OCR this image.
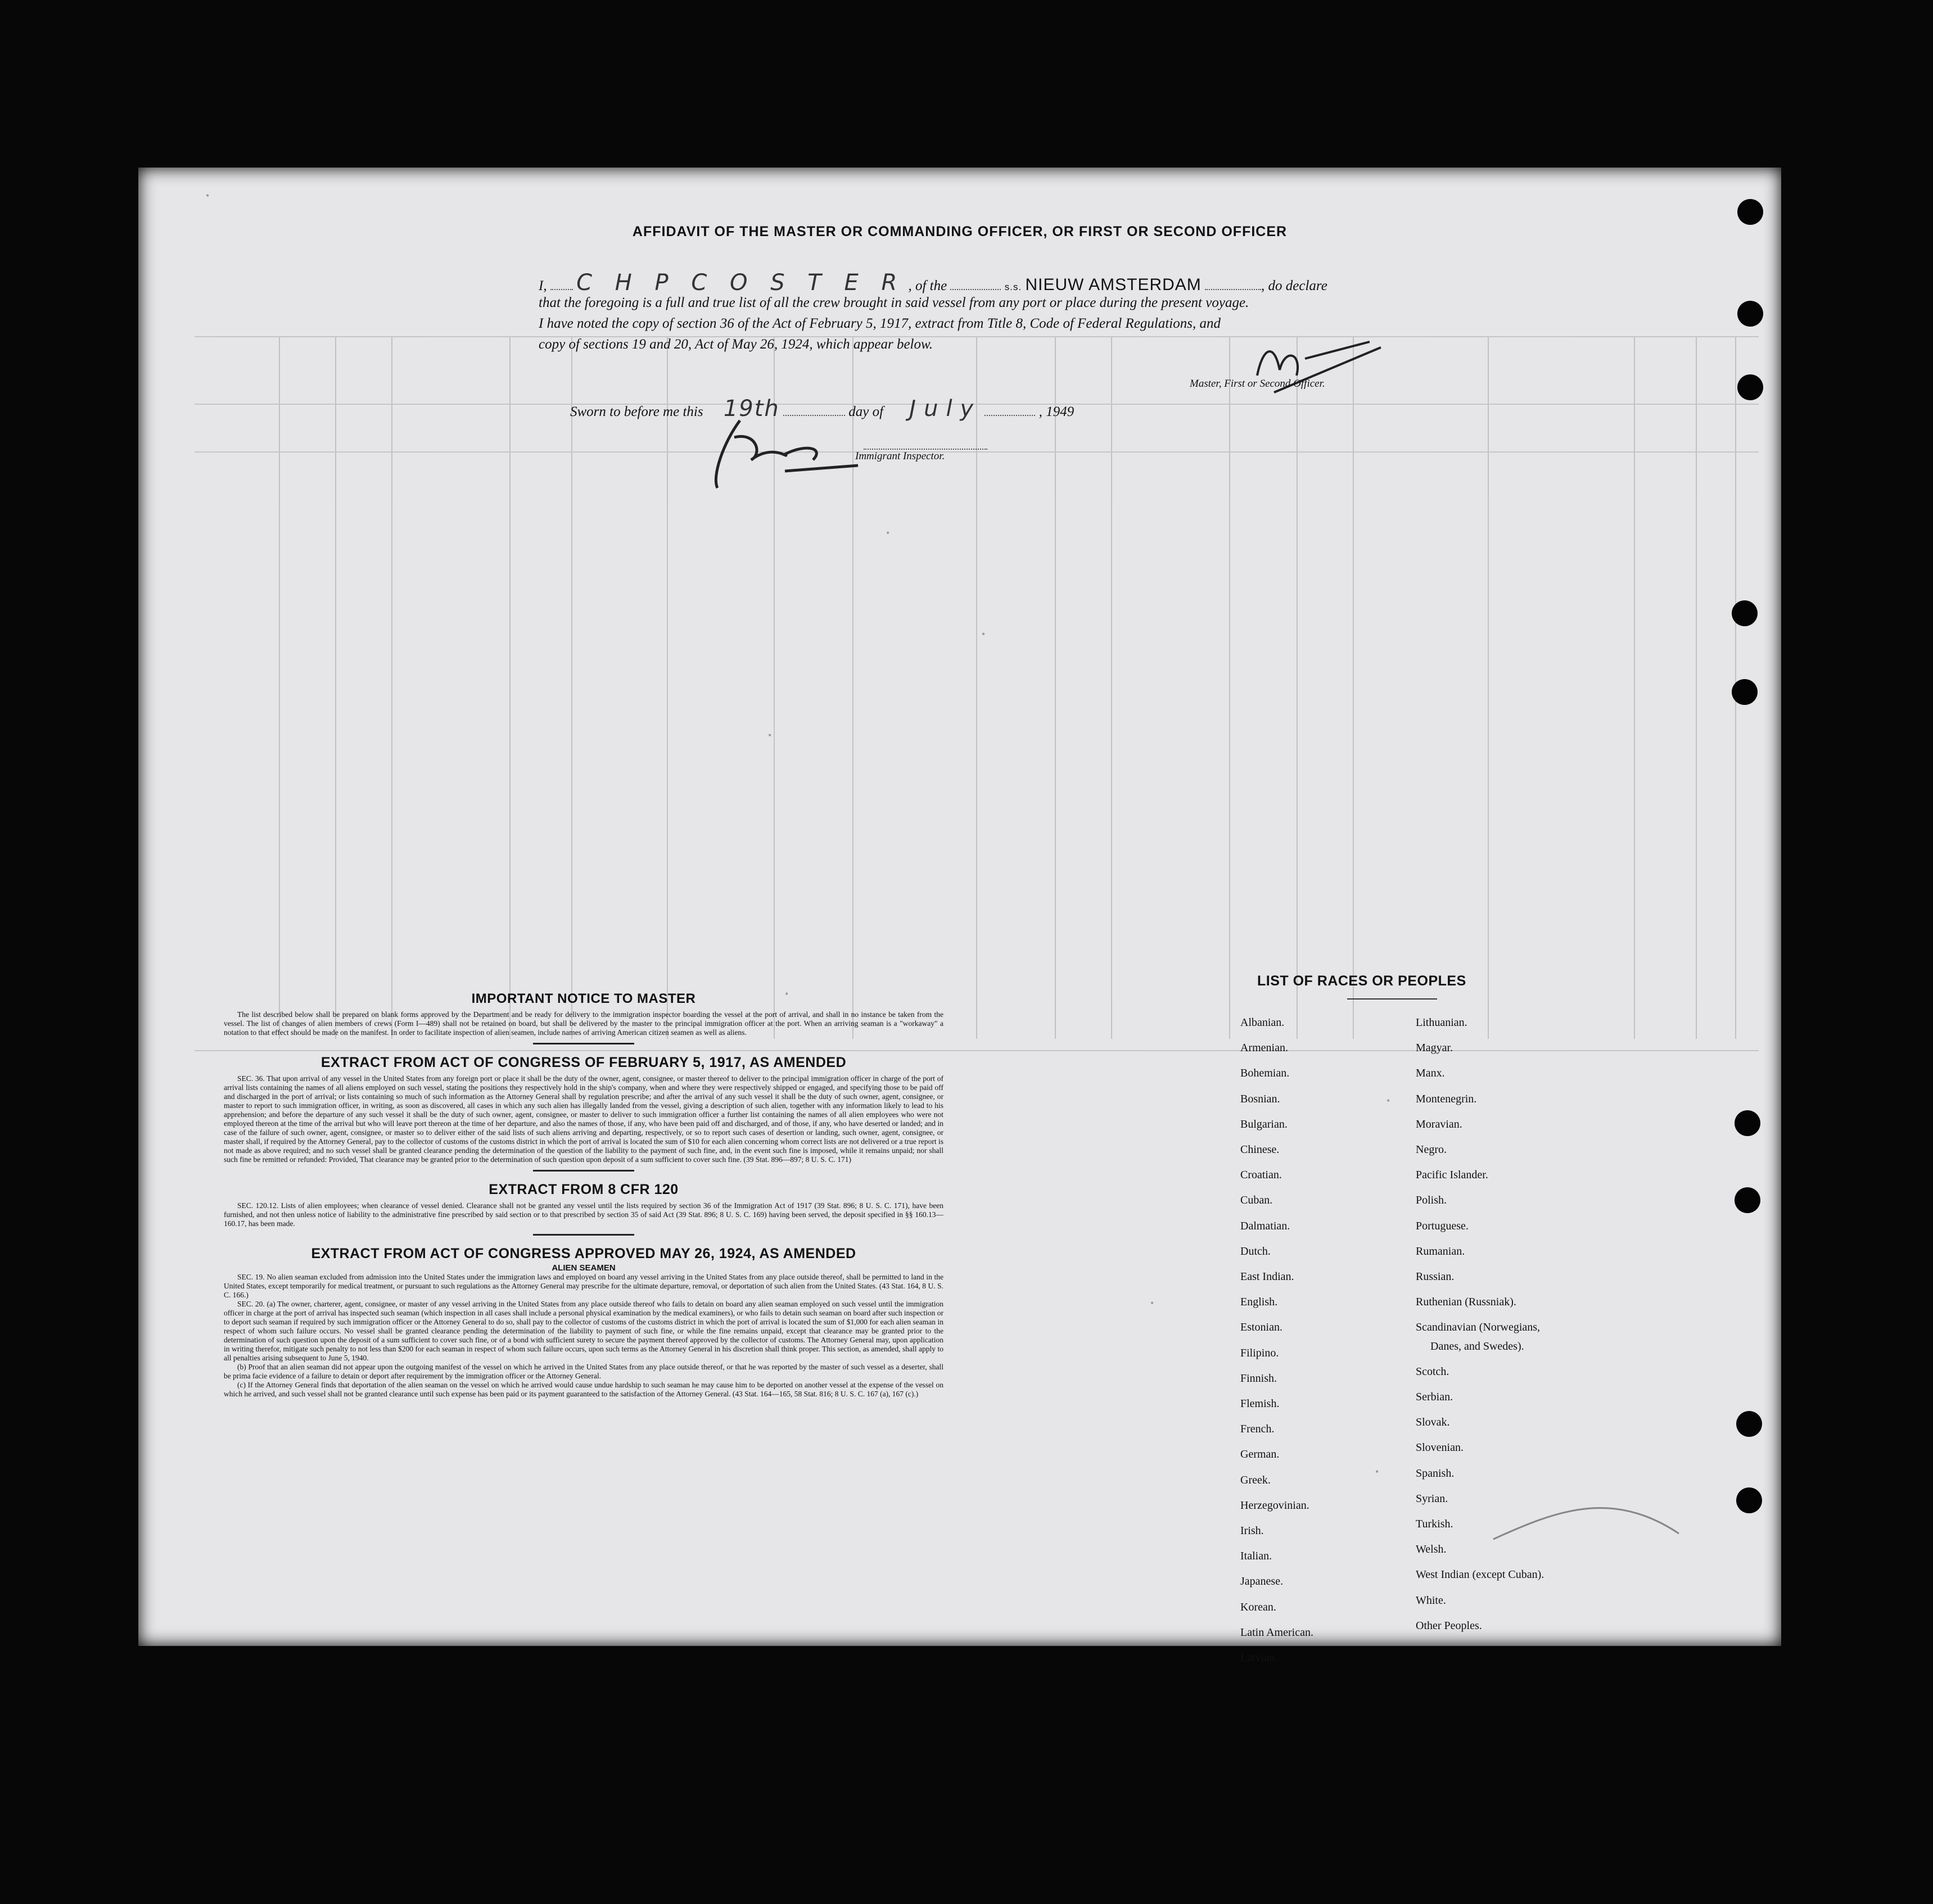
•
•
•
•
•
•
•
•
AFFIDAVIT OF THE MASTER OR COMMANDING OFFICER, OR FIRST OR SECOND OFFICER
I, C H P C O S T E R , of the	s.s. NIEUW AMSTERDAM	, do declare
that the foregoing is a full and true list of all the crew brought in said vessel from any port or place during the present voyage.
I have noted the copy of section 36 of the Act of February 5, 1917, extract from Title 8, Code of Federal Regulations, and
copy of sections 19 and 20, Act of May 26, 1924, which appear below.
Master, First or Second Officer.
Sworn to before me this 19th	day of July	, 1949
Immigrant Inspector.
IMPORTANT NOTICE TO MASTER

The list described below shall be prepared on blank forms approved by the Department and be ready for delivery to the immigration inspector boarding the vessel at the port of arrival, and shall in no instance be taken from the vessel. The list of changes of alien members of crews (Form I—489) shall not be retained on board, but shall be delivered by the master to the principal immigration officer at the port. When an arriving seaman is a "workaway" a notation to that effect should be made on the manifest. In order to facilitate inspection of alien seamen, include names of arriving American citizen seamen as well as aliens.

EXTRACT FROM ACT OF CONGRESS OF FEBRUARY 5, 1917, AS AMENDED

SEC. 36. That upon arrival of any vessel in the United States from any foreign port or place it shall be the duty of the owner, agent, consignee, or master thereof to deliver to the principal immigration officer in charge of the port of arrival lists containing the names of all aliens employed on such vessel, stating the positions they respectively hold in the ship's company, when and where they were respectively shipped or engaged, and specifying those to be paid off and discharged in the port of arrival; or lists containing so much of such information as the Attorney General shall by regulation prescribe; and after the arrival of any such vessel it shall be the duty of such owner, agent, consignee, or master to report to such immigration officer, in writing, as soon as discovered, all cases in which any such alien has illegally landed from the vessel, giving a description of such alien, together with any information likely to lead to his apprehension; and before the departure of any such vessel it shall be the duty of such owner, agent, consignee, or master to deliver to such immigration officer a further list containing the names of all alien employees who were not employed thereon at the time of the arrival but who will leave port thereon at the time of her departure, and also the names of those, if any, who have been paid off and discharged, and of those, if any, who have deserted or landed; and in case of the failure of such owner, agent, consignee, or master so to deliver either of the said lists of such aliens arriving and departing, respectively, or so to report such cases of desertion or landing, such owner, agent, consignee, or master shall, if required by the Attorney General, pay to the collector of customs of the customs district in which the port of arrival is located the sum of $10 for each alien concerning whom correct lists are not delivered or a true report is not made as above required; and no such vessel shall be granted clearance pending the determination of the question of the liability to the payment of such fine, and, in the event such fine is imposed, while it remains unpaid; nor shall such fine be remitted or refunded: Provided, That clearance may be granted prior to the determination of such question upon deposit of a sum sufficient to cover such fine. (39 Stat. 896—897; 8 U. S. C. 171)

EXTRACT FROM 8 CFR 120

SEC. 120.12. Lists of alien employees; when clearance of vessel denied. Clearance shall not be granted any vessel until the lists required by section 36 of the Immigration Act of 1917 (39 Stat. 896; 8 U. S. C. 171), have been furnished, and not then unless notice of liability to the administrative fine prescribed by said section or to that prescribed by section 35 of said Act (39 Stat. 896; 8 U. S. C. 169) having been served, the deposit specified in §§ 160.13—160.17, has been made.

EXTRACT FROM ACT OF CONGRESS APPROVED MAY 26, 1924, AS AMENDED
ALIEN SEAMEN

SEC. 19. No alien seaman excluded from admission into the United States under the immigration laws and employed on board any vessel arriving in the United States from any place outside thereof, shall be permitted to land in the United States, except temporarily for medical treatment, or pursuant to such regulations as the Attorney General may prescribe for the ultimate departure, removal, or deportation of such alien from the United States. (43 Stat. 164, 8 U. S. C. 166.)

SEC. 20. (a) The owner, charterer, agent, consignee, or master of any vessel arriving in the United States from any place outside thereof who fails to detain on board any alien seaman employed on such vessel until the immigration officer in charge at the port of arrival has inspected such seaman (which inspection in all cases shall include a personal physical examination by the medical examiners), or who fails to detain such seaman on board after such inspection or to deport such seaman if required by such immigration officer or the Attorney General to do so, shall pay to the collector of customs of the customs district in which the port of arrival is located the sum of $1,000 for each alien seaman in respect of whom such failure occurs. No vessel shall be granted clearance pending the determination of the liability to payment of such fine, or while the fine remains unpaid, except that clearance may be granted prior to the determination of such question upon the deposit of a sum sufficient to cover such fine, or of a bond with sufficient surety to secure the payment thereof approved by the collector of customs. The Attorney General may, upon application in writing therefor, mitigate such penalty to not less than $200 for each seaman in respect of whom such failure occurs, upon such terms as the Attorney General in his discretion shall think proper. This section, as amended, shall apply to all penalties arising subsequent to June 5, 1940.

(b) Proof that an alien seaman did not appear upon the outgoing manifest of the vessel on which he arrived in the United States from any place outside thereof, or that he was reported by the master of such vessel as a deserter, shall be prima facie evidence of a failure to detain or deport after requirement by the immigration officer or the Attorney General.

(c) If the Attorney General finds that deportation of the alien seaman on the vessel on which he arrived would cause undue hardship to such seaman he may cause him to be deported on another vessel at the expense of the vessel on which he arrived, and such vessel shall not be granted clearance until such expense has been paid or its payment guaranteed to the satisfaction of the Attorney General. (43 Stat. 164—165, 58 Stat. 816; 8 U. S. C. 167 (a), 167 (c).)

LIST OF RACES OR PEOPLES
Albanian.
Armenian.
Bohemian.
Bosnian.
Bulgarian.
Chinese.
Croatian.
Cuban.
Dalmatian.
Dutch.
East Indian.
English.
Estonian.
Filipino.
Finnish.
Flemish.
French.
German.
Greek.
Herzegovinian.
Irish.
Italian.
Japanese.
Korean.
Latin American.
Latvian.
Lithuanian.
Magyar.
Manx.
Montenegrin.
Moravian.
Negro.
Pacific Islander.
Polish.
Portuguese.
Rumanian.
Russian.
Ruthenian (Russniak).
Scandinavian (Norwegians,
Danes, and Swedes).
Scotch.
Serbian.
Slovak.
Slovenian.
Spanish.
Syrian.
Turkish.
Welsh.
West Indian (except Cuban).
White.
Other Peoples.
